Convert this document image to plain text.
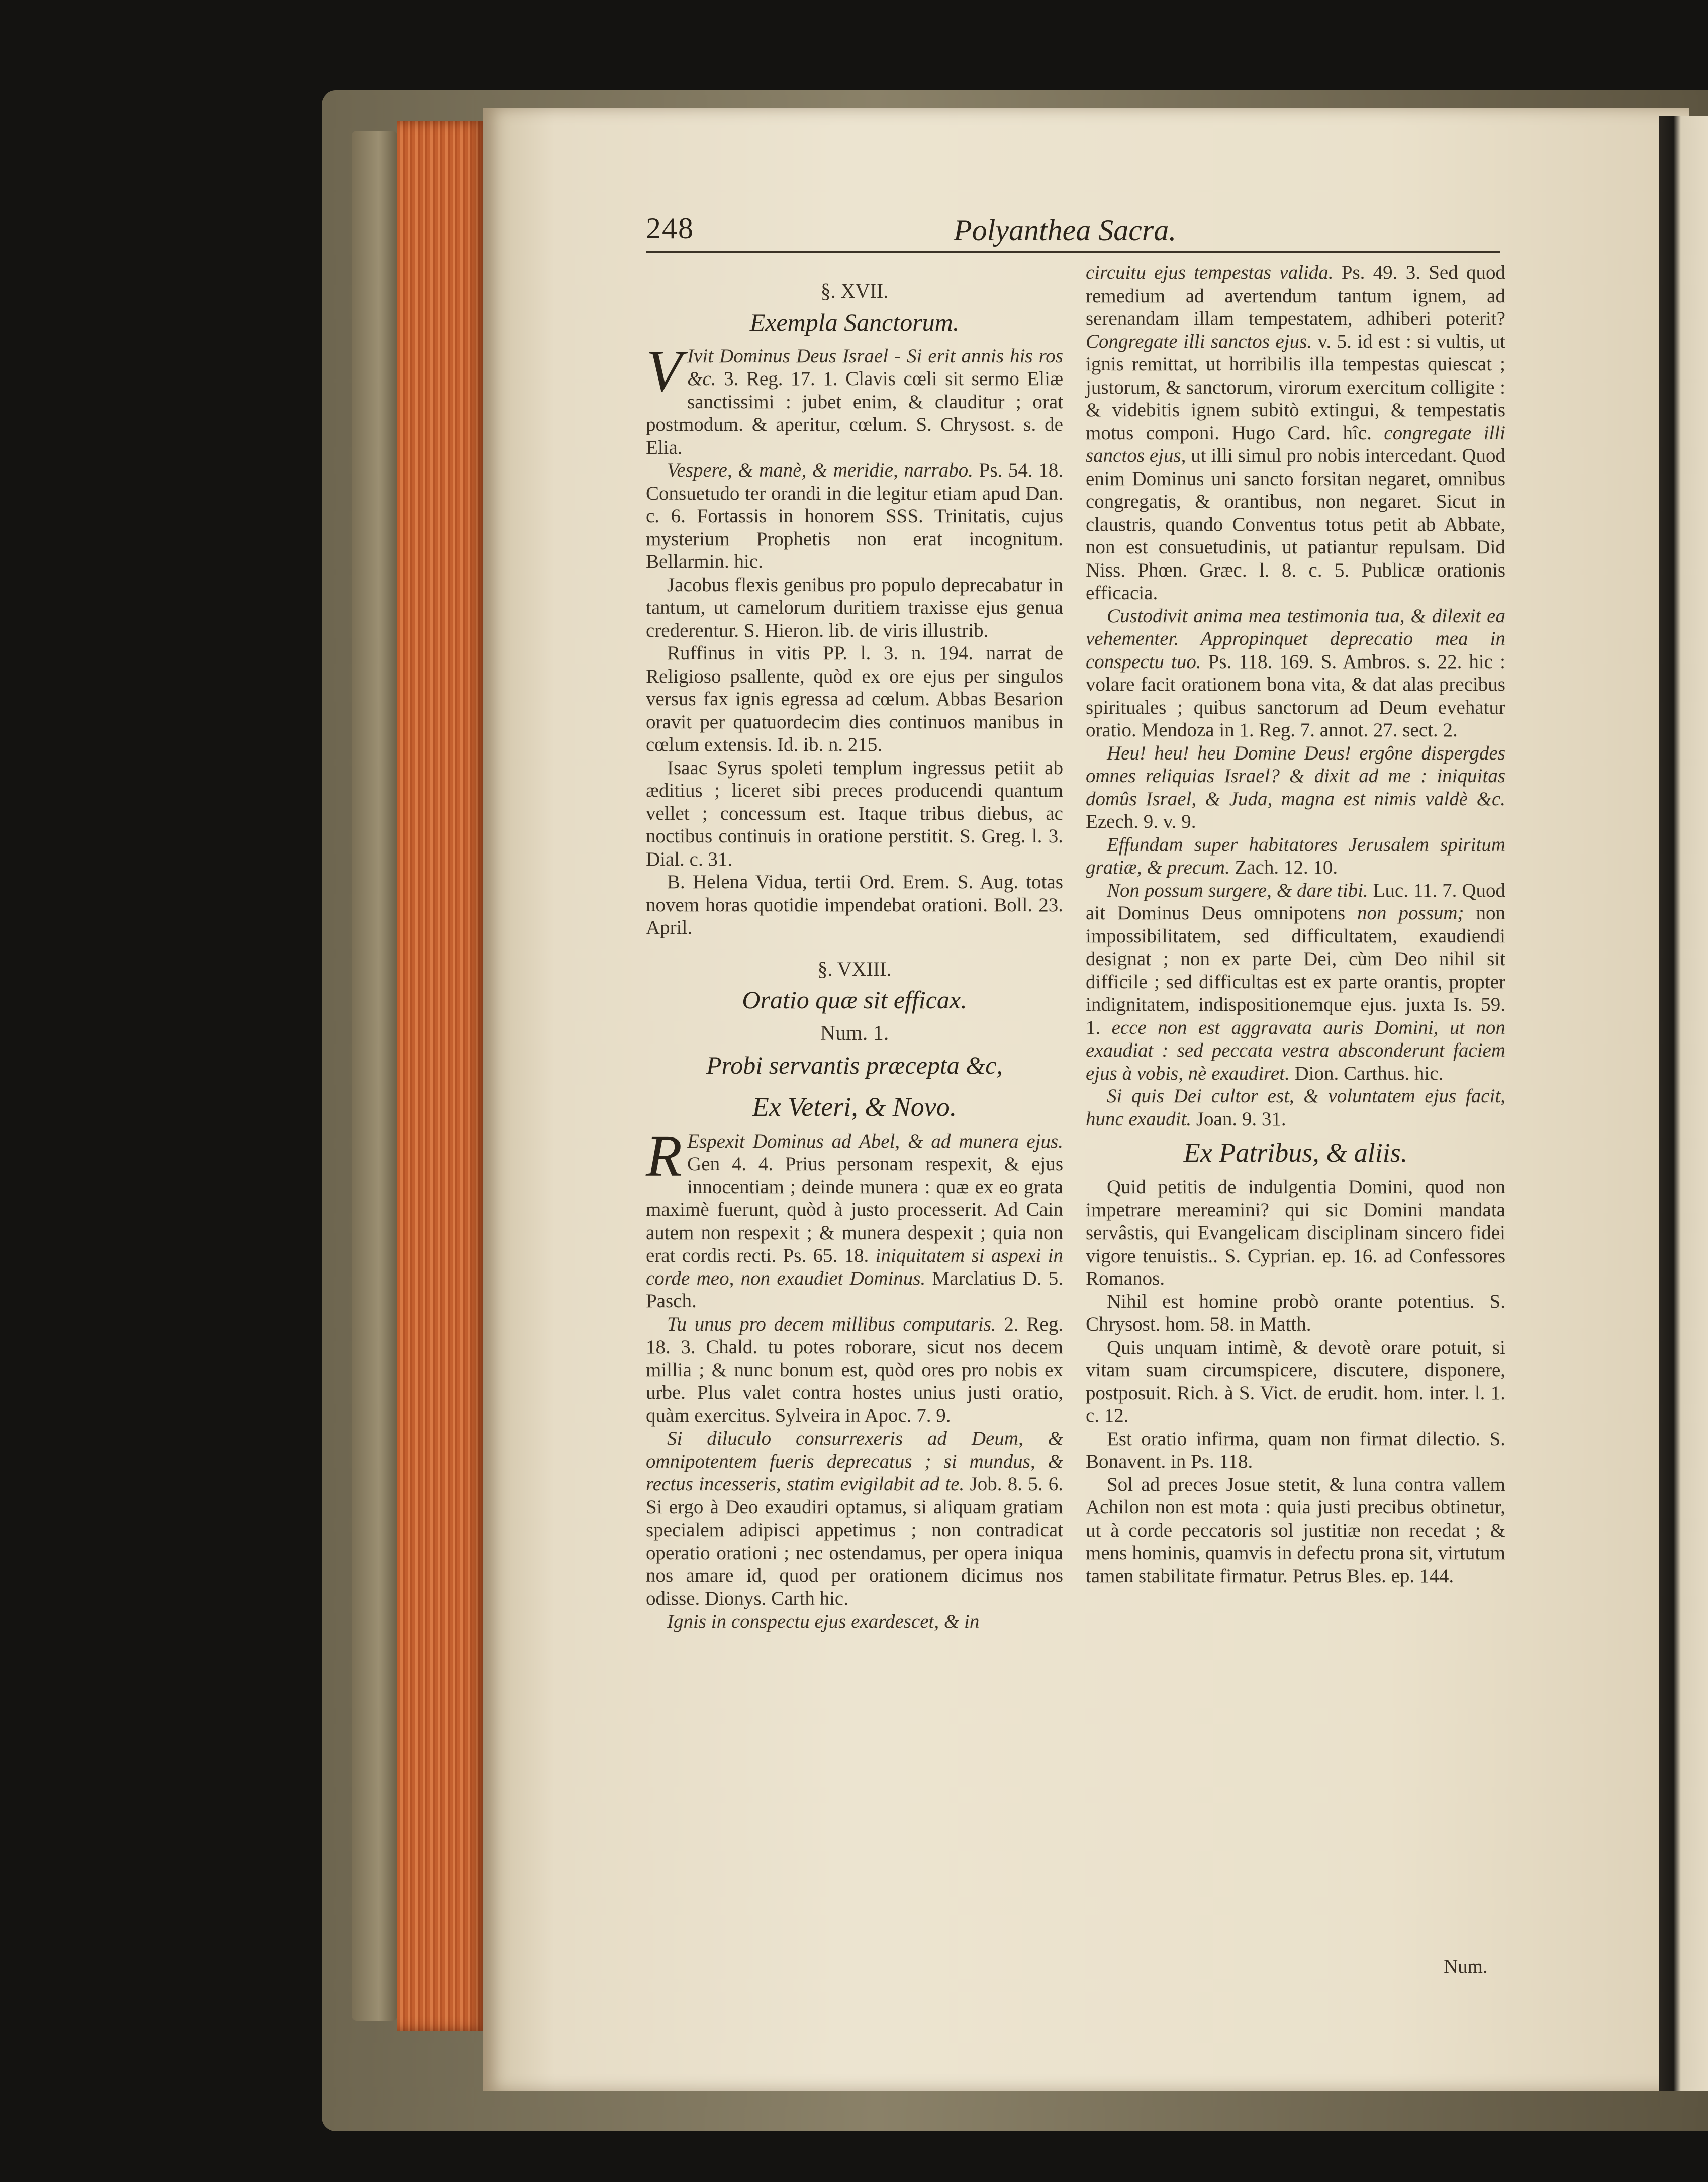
248	Polyanthea Sacra.

§. XVII.

Exempla Sanctorum.

V Ivit Dominus Deus Israel - Si erit annis his ros &c. 3. Reg. 17. 1. Clavis cœli sit sermo Eliæ sanctissimi : jubet enim, & clauditur ; orat postmodum. & aperitur, cœlum. S. Chrysost. s. de Elia.

Vespere, & manè, & meridie, narrabo. Ps. 54. 18. Consuetudo ter orandi in die legitur etiam apud Dan. c. 6. Fortassis in honorem SSS. Trinitatis, cujus mysterium Prophetis non erat incognitum. Bellarmin. hic.

Jacobus flexis genibus pro populo deprecabatur in tantum, ut camelorum duritiem traxisse ejus genua crederentur. S. Hieron. lib. de viris illustrib.

Ruffinus in vitis PP. l. 3. n. 194. narrat de Religioso psallente, quòd ex ore ejus per singulos versus fax ignis egressa ad cœlum. Abbas Besarion oravit per quatuordecim dies continuos manibus in cœlum extensis. Id. ib. n. 215.

Isaac Syrus spoleti templum ingressus petiit ab æditius ; liceret sibi preces producendi quantum vellet ; concessum est. Itaque tribus diebus, ac noctibus continuis in oratione perstitit. S. Greg. l. 3. Dial. c. 31.

B. Helena Vidua, tertii Ord. Erem. S. Aug. totas novem horas quotidie impendebat orationi. Boll. 23. April.

§. VXIII.

Oratio quæ sit efficax.

Num. 1.

Probi servantis præcepta &c,

Ex Veteri, & Novo.

R Espexit Dominus ad Abel, & ad munera ejus. Gen 4. 4. Prius personam respexit, & ejus innocentiam ; deinde munera : quæ ex eo grata maximè fuerunt, quòd à justo processerit. Ad Cain autem non respexit ; & munera despexit ; quia non erat cordis recti. Ps. 65. 18. iniquitatem si aspexi in corde meo, non exaudiet Dominus. Marclatius D. 5. Pasch.

Tu unus pro decem millibus computaris. 2. Reg. 18. 3. Chald. tu potes roborare, sicut nos decem millia ; & nunc bonum est, quòd ores pro nobis ex urbe. Plus valet contra hostes unius justi oratio, quàm exercitus. Sylveira in Apoc. 7. 9.

Si diluculo consurrexeris ad Deum, & omnipotentem fueris deprecatus ; si mundus, & rectus incesseris, statim evigilabit ad te. Job. 8. 5. 6. Si ergo à Deo exaudiri optamus, si aliquam gratiam specialem adipisci appetimus ; non contradicat operatio orationi ; nec ostendamus, per opera iniqua nos amare id, quod per orationem dicimus nos odisse. Dionys. Carth hic.

Ignis in conspectu ejus exardescet, & in

circuitu ejus tempestas valida. Ps. 49. 3. Sed quod remedium ad avertendum tantum ignem, ad serenandam illam tempestatem, adhiberi poterit? Congregate illi sanctos ejus. v. 5. id est : si vultis, ut ignis remittat, ut horribilis illa tempestas quiescat ; justorum, & sanctorum, virorum exercitum colligite : & videbitis ignem subitò extingui, & tempestatis motus componi. Hugo Card. hîc. congregate illi sanctos ejus, ut illi simul pro nobis intercedant. Quod enim Dominus uni sancto forsitan negaret, omnibus congregatis, & orantibus, non negaret. Sicut in claustris, quando Conventus totus petit ab Abbate, non est consuetudinis, ut patiantur repulsam. Did Niss. Phœn. Græc. l. 8. c. 5. Publicæ orationis efficacia.

Custodivit anima mea testimonia tua, & dilexit ea vehementer. Appropinquet deprecatio mea in conspectu tuo. Ps. 118. 169. S. Ambros. s. 22. hic : volare facit orationem bona vita, & dat alas precibus spirituales ; quibus sanctorum ad Deum evehatur oratio. Mendoza in 1. Reg. 7. annot. 27. sect. 2.

Heu! heu! heu Domine Deus! ergône dispergdes omnes reliquias Israel? & dixit ad me : iniquitas domûs Israel, & Juda, magna est nimis valdè &c. Ezech. 9. v. 9.

Effundam super habitatores Jerusalem spiritum gratiæ, & precum. Zach. 12. 10.

Non possum surgere, & dare tibi. Luc. 11. 7. Quod ait Dominus Deus omnipotens non possum; non impossibilitatem, sed difficultatem, exaudiendi designat ; non ex parte Dei, cùm Deo nihil sit difficile ; sed difficultas est ex parte orantis, propter indignitatem, indispositionemque ejus. juxta Is. 59. 1. ecce non est aggravata auris Domini, ut non exaudiat : sed peccata vestra absconderunt faciem ejus à vobis, nè exaudiret. Dion. Carthus. hic.

Si quis Dei cultor est, & voluntatem ejus facit, hunc exaudit. Joan. 9. 31.

Ex Patribus, & aliis.

Quid petitis de indulgentia Domini, quod non impetrare mereamini? qui sic Domini mandata servâstis, qui Evangelicam disciplinam sincero fidei vigore tenuistis.. S. Cyprian. ep. 16. ad Confessores Romanos.

Nihil est homine probò orante potentius. S. Chrysost. hom. 58. in Matth.

Quis unquam intimè, & devotè orare potuit, si vitam suam circumspicere, discutere, disponere, postposuit. Rich. à S. Vict. de erudit. hom. inter. l. 1. c. 12.

Est oratio infirma, quam non firmat dilectio. S. Bonavent. in Ps. 118.

Sol ad preces Josue stetit, & luna contra vallem Achilon non est mota : quia justi precibus obtinetur, ut à corde peccatoris sol justitiæ non recedat ; & mens hominis, quamvis in defectu prona sit, virtutum tamen stabilitate firmatur. Petrus Bles. ep. 144.

Num.
